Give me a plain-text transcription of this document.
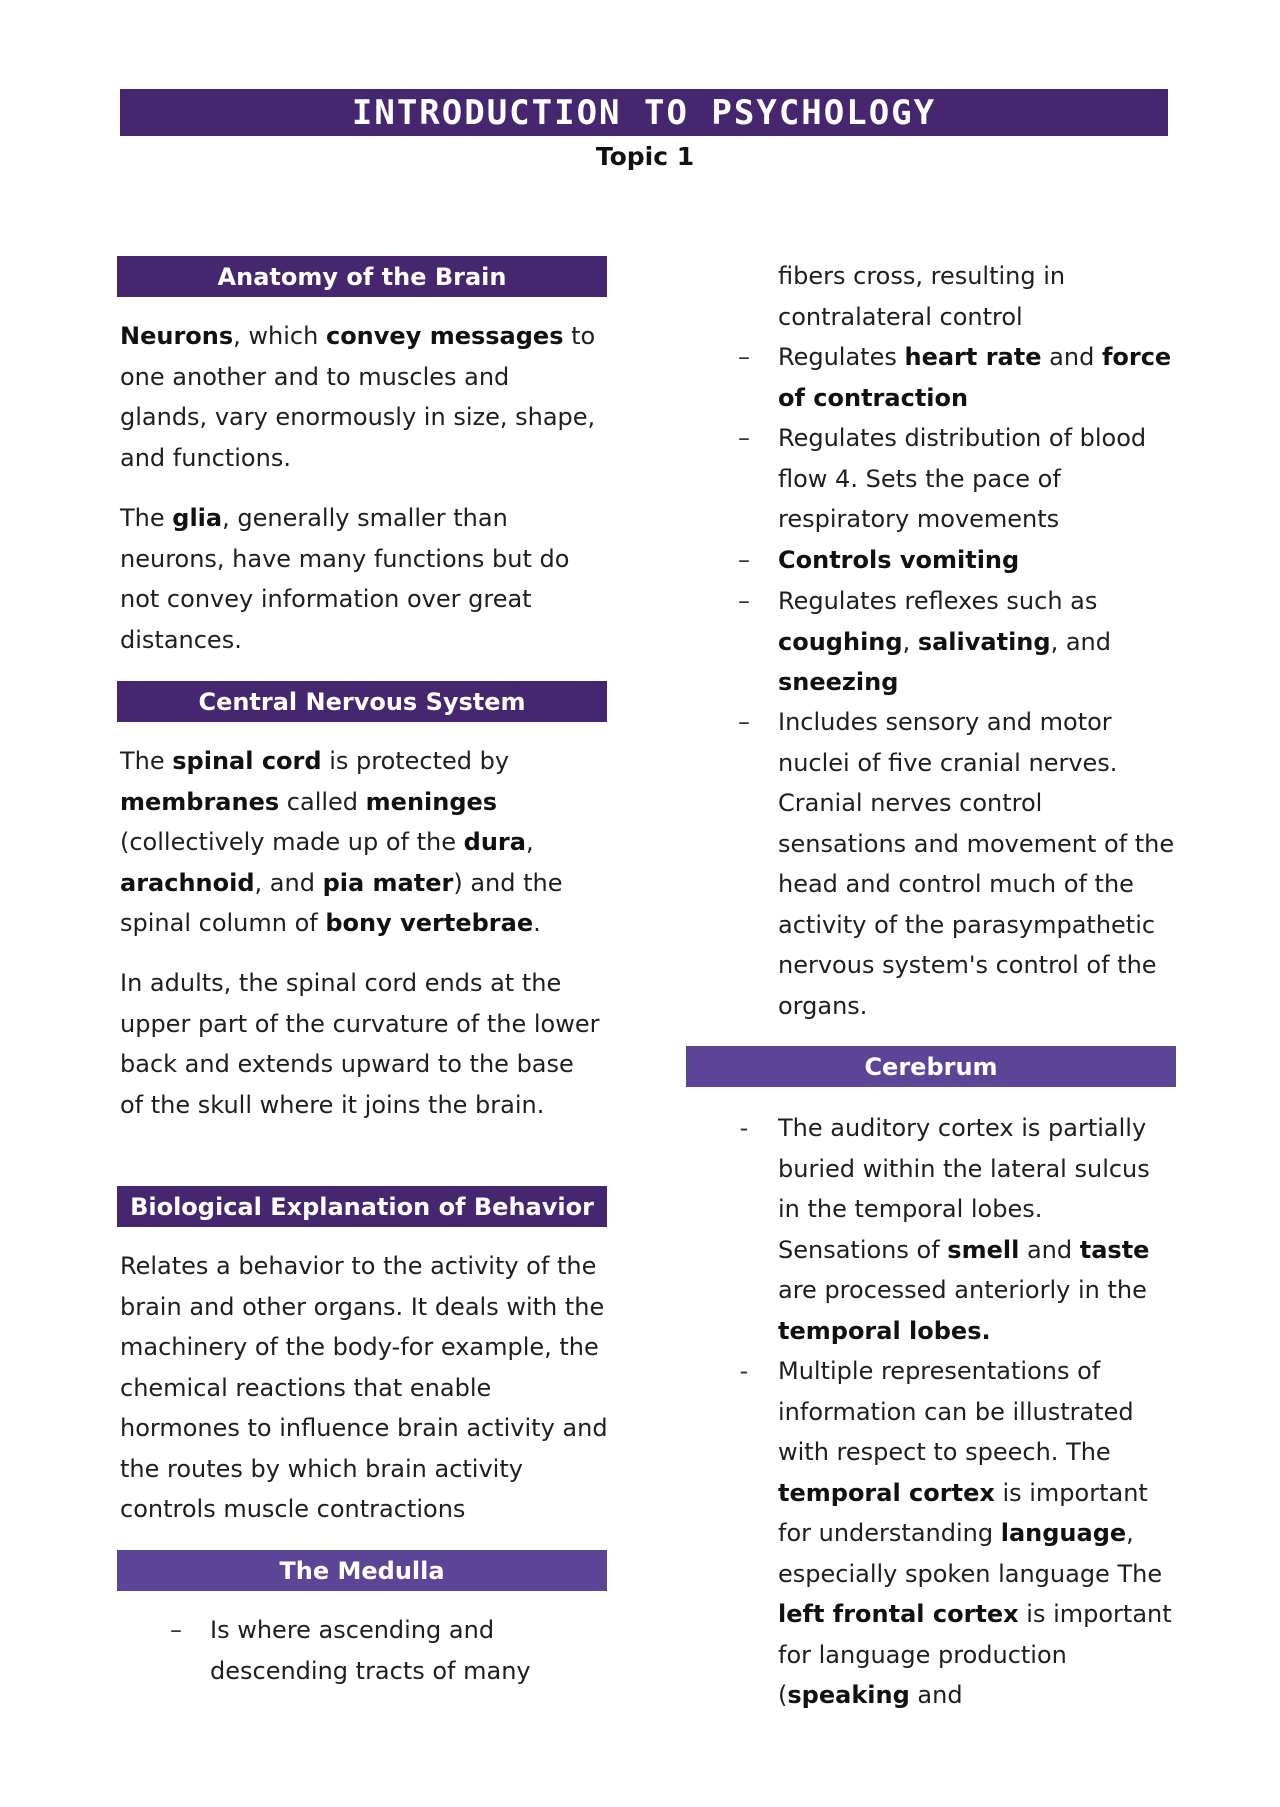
INTRODUCTION TO PSYCHOLOGY
Topic 1
Anatomy of the Brain
Neurons, which convey messages to one another and to muscles and glands, vary enormously in size, shape, and functions.
The glia, generally smaller than neurons, have many functions but do not convey information over great distances.
Central Nervous System
The spinal cord is protected by membranes called meninges (collectively made up of the dura, arachnoid, and pia mater) and the spinal column of bony vertebrae.
In adults, the spinal cord ends at the upper part of the curvature of the lower back and extends upward to the base of the skull where it joins the brain.
Biological Explanation of Behavior
Relates a behavior to the activity of the brain and other organs. It deals with the machinery of the body-for example, the chemical reactions that enable hormones to influence brain activity and the routes by which brain activity controls muscle contractions
The Medulla
– Is where ascending and descending tracts of many
fibers cross, resulting in contralateral control
– Regulates heart rate and force of contraction
– Regulates distribution of blood flow 4. Sets the pace of respiratory movements
– Controls vomiting
– Regulates reflexes such as coughing, salivating, and sneezing
– Includes sensory and motor nuclei of five cranial nerves. Cranial nerves control sensations and movement of the head and control much of the activity of the parasympathetic nervous system's control of the organs.
Cerebrum
- The auditory cortex is partially buried within the lateral sulcus in the temporal lobes. Sensations of smell and taste are processed anteriorly in the temporal lobes.
- Multiple representations of information can be illustrated with respect to speech. The temporal cortex is important for understanding language, especially spoken language The left frontal cortex is important for language production (speaking and
